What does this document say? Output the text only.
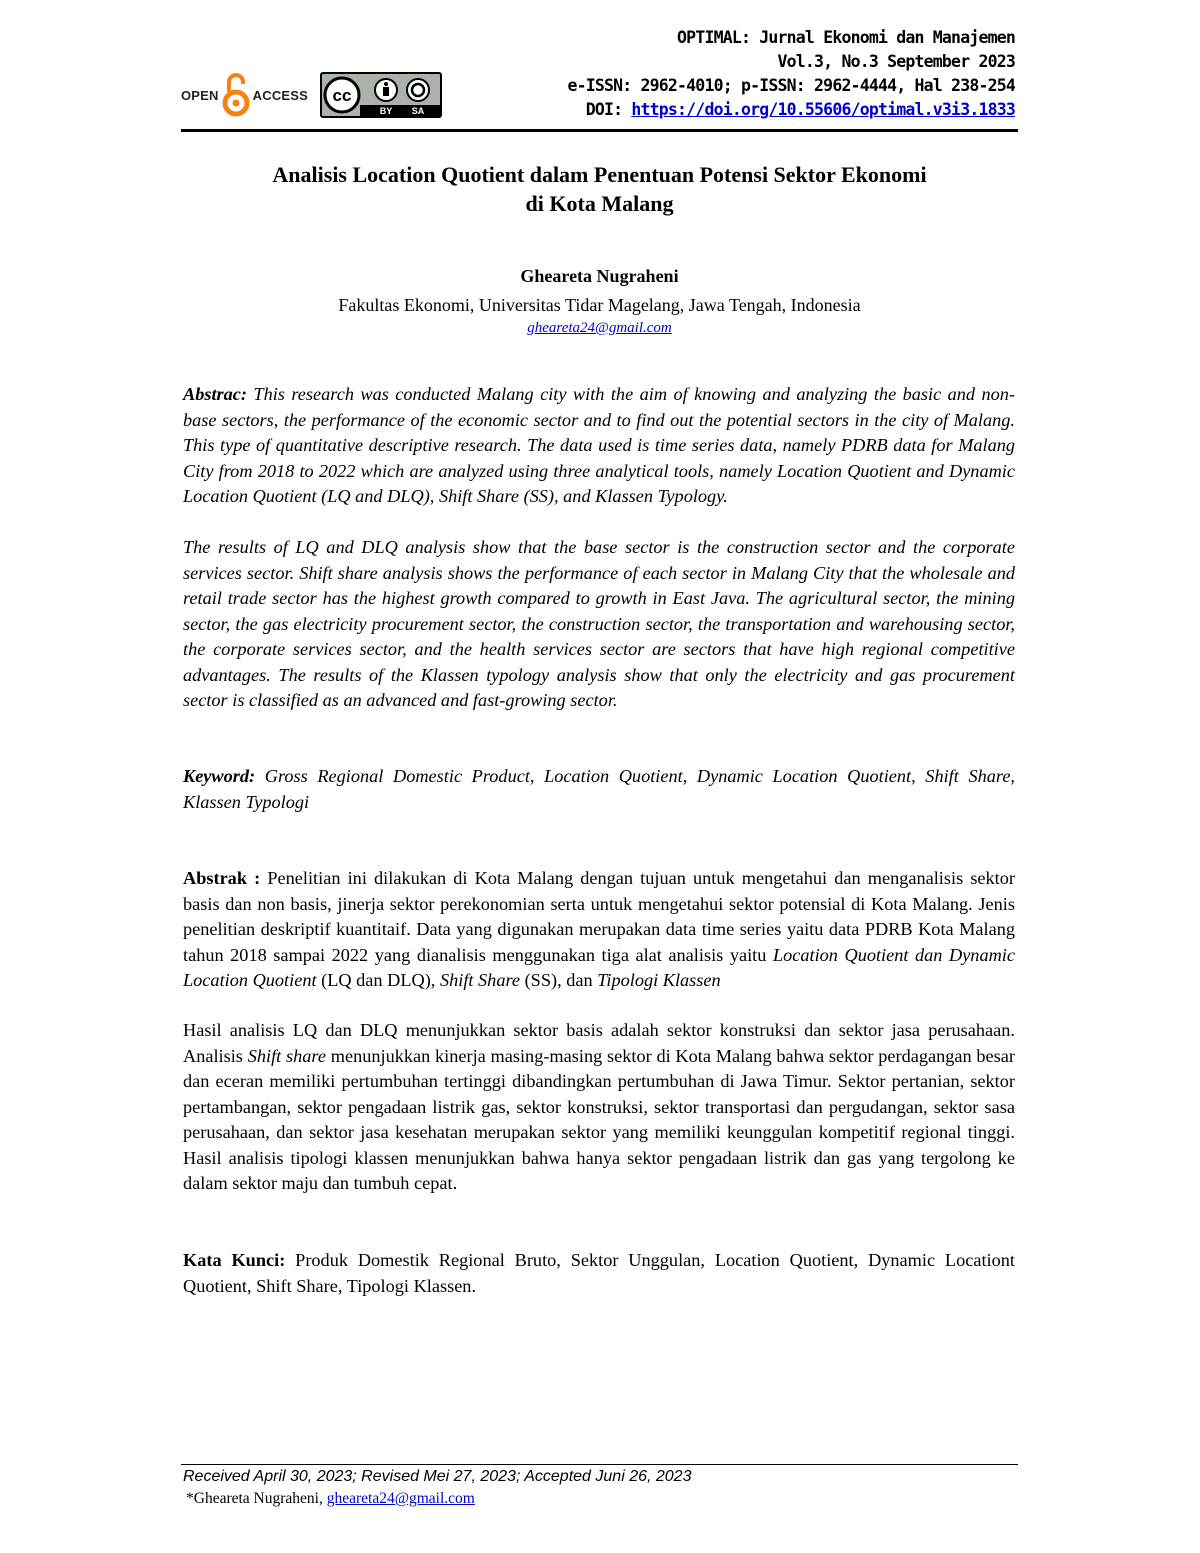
OPEN	ACCESS cc
BY SA
OPTIMAL: Jurnal Ekonomi dan Manajemen
Vol.3, No.3 September 2023
e-ISSN: 2962-4010; p-ISSN: 2962-4444, Hal 238-254
DOI: https://doi.org/10.55606/optimal.v3i3.1833
Analisis Location Quotient dalam Penentuan Potensi Sektor Ekonomi
di Kota Malang
Ghearetа Nugraheni
Fakultas Ekonomi, Universitas Tidar Magelang, Jawa Tengah, Indonesia
gheareta24@gmail.com

Abstrac: This research was conducted Malang city with the aim of knowing and analyzing the basic and non-base sectors, the performance of the economic sector and to find out the potential sectors in the city of Malang. This type of quantitative descriptive research. The data used is time series data, namely PDRB data for Malang City from 2018 to 2022 which are analyzed using three analytical tools, namely Location Quotient and Dynamic Location Quotient (LQ and DLQ), Shift Share (SS), and Klassen Typology.

The results of LQ and DLQ analysis show that the base sector is the construction sector and the corporate services sector. Shift share analysis shows the performance of each sector in Malang City that the wholesale and retail trade sector has the highest growth compared to growth in East Java. The agricultural sector, the mining sector, the gas electricity procurement sector, the construction sector, the transportation and warehousing sector, the corporate services sector, and the health services sector are sectors that have high regional competitive advantages. The results of the Klassen typology analysis show that only the electricity and gas procurement sector is classified as an advanced and fast-growing sector.

Keyword: Gross Regional Domestic Product, Location Quotient, Dynamic Location Quotient, Shift Share, Klassen Typologi

Abstrak : Penelitian ini dilakukan di Kota Malang dengan tujuan untuk mengetahui dan menganalisis sektor basis dan non basis, jinerja sektor perekonomian serta untuk mengetahui sektor potensial di Kota Malang. Jenis penelitian deskriptif kuantitaif. Data yang digunakan merupakan data time series yaitu data PDRB Kota Malang tahun 2018 sampai 2022 yang dianalisis menggunakan tiga alat analisis yaitu Location Quotient dan Dynamic Location Quotient (LQ dan DLQ), Shift Share (SS), dan Tipologi Klassen

Hasil analisis LQ dan DLQ menunjukkan sektor basis adalah sektor konstruksi dan sektor jasa perusahaan. Analisis Shift share menunjukkan kinerja masing-masing sektor di Kota Malang bahwa sektor perdagangan besar dan eceran memiliki pertumbuhan tertinggi dibandingkan pertumbuhan di Jawa Timur. Sektor pertanian, sektor pertambangan, sektor pengadaan listrik gas, sektor konstruksi, sektor transportasi dan pergudangan, sektor sasa perusahaan, dan sektor jasa kesehatan merupakan sektor yang memiliki keunggulan kompetitif regional tinggi. Hasil analisis tipologi klassen menunjukkan bahwa hanya sektor pengadaan listrik dan gas yang tergolong ke dalam sektor maju dan tumbuh cepat.

Kata Kunci: Produk Domestik Regional Bruto, Sektor Unggulan, Location Quotient, Dynamic Locationt Quotient, Shift Share, Tipologi Klassen.

Received April 30, 2023; Revised Mei 27, 2023; Accepted Juni 26, 2023
*Gheareta Nugraheni, gheareta24@gmail.com
